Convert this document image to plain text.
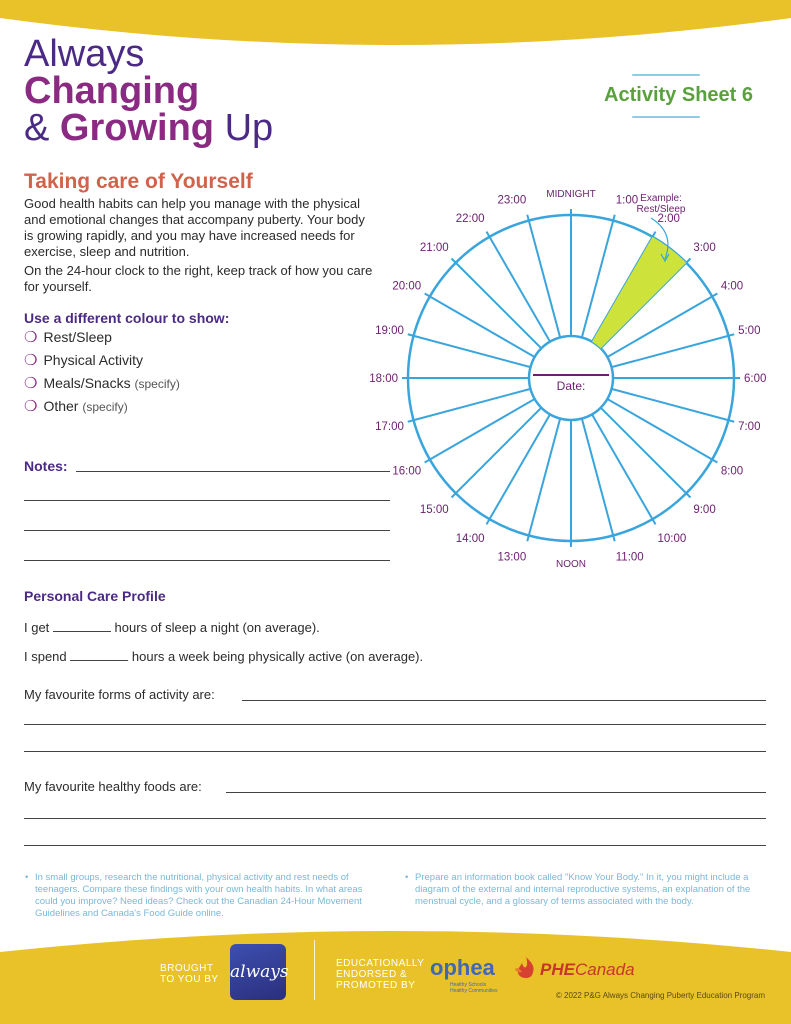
Always
Changing
& Growing Up
Activity Sheet 6
Taking care of Yourself

Good health habits can help you manage with the physical and emotional changes that accompany puberty. Your body is growing rapidly, and you may have increased needs for exercise, sleep and nutrition.

On the 24-hour clock to the right, keep track of how you care for yourself.

Use a different colour to show:
❍ Rest/Sleep
❍ Physical Activity
❍ Meals/Snacks (specify)
❍ Other (specify)
Notes:
MIDNIGHT 1:00
2:00
3:00
4:00
5:00
6:00
7:00
8:00
9:00
10:00
11:00
NOON
13:00
14:00
15:00
16:00
17:00
18:00
19:00
20:00
21:00
22:00
23:00
Date:
Example:
Rest/Sleep
Personal Care Profile
I get	hours of sleep a night (on average).
I spend	hours a week being physically active (on average).
My favourite forms of activity are:
My favourite healthy foods are:
• In small groups, research the nutritional, physical activity and rest needs of teenagers. Compare these findings with your own health habits. In what areas could you improve? Need ideas? Check out the Canadian 24-Hour Movement Guidelines and Canada's Food Guide online.
• Prepare an information book called "Know Your Body." In it, you might include a diagram of the external and internal reproductive systems, an explanation of the menstrual cycle, and a glossary of terms associated with the body.
BROUGHT
TO YOU BY always	EDUCATIONALLY
ENDORSED &
PROMOTED BY
ophea
Healthy Schools
Healthy Communities
PHECanada
© 2022 P&G Always Changing Puberty Education Program
